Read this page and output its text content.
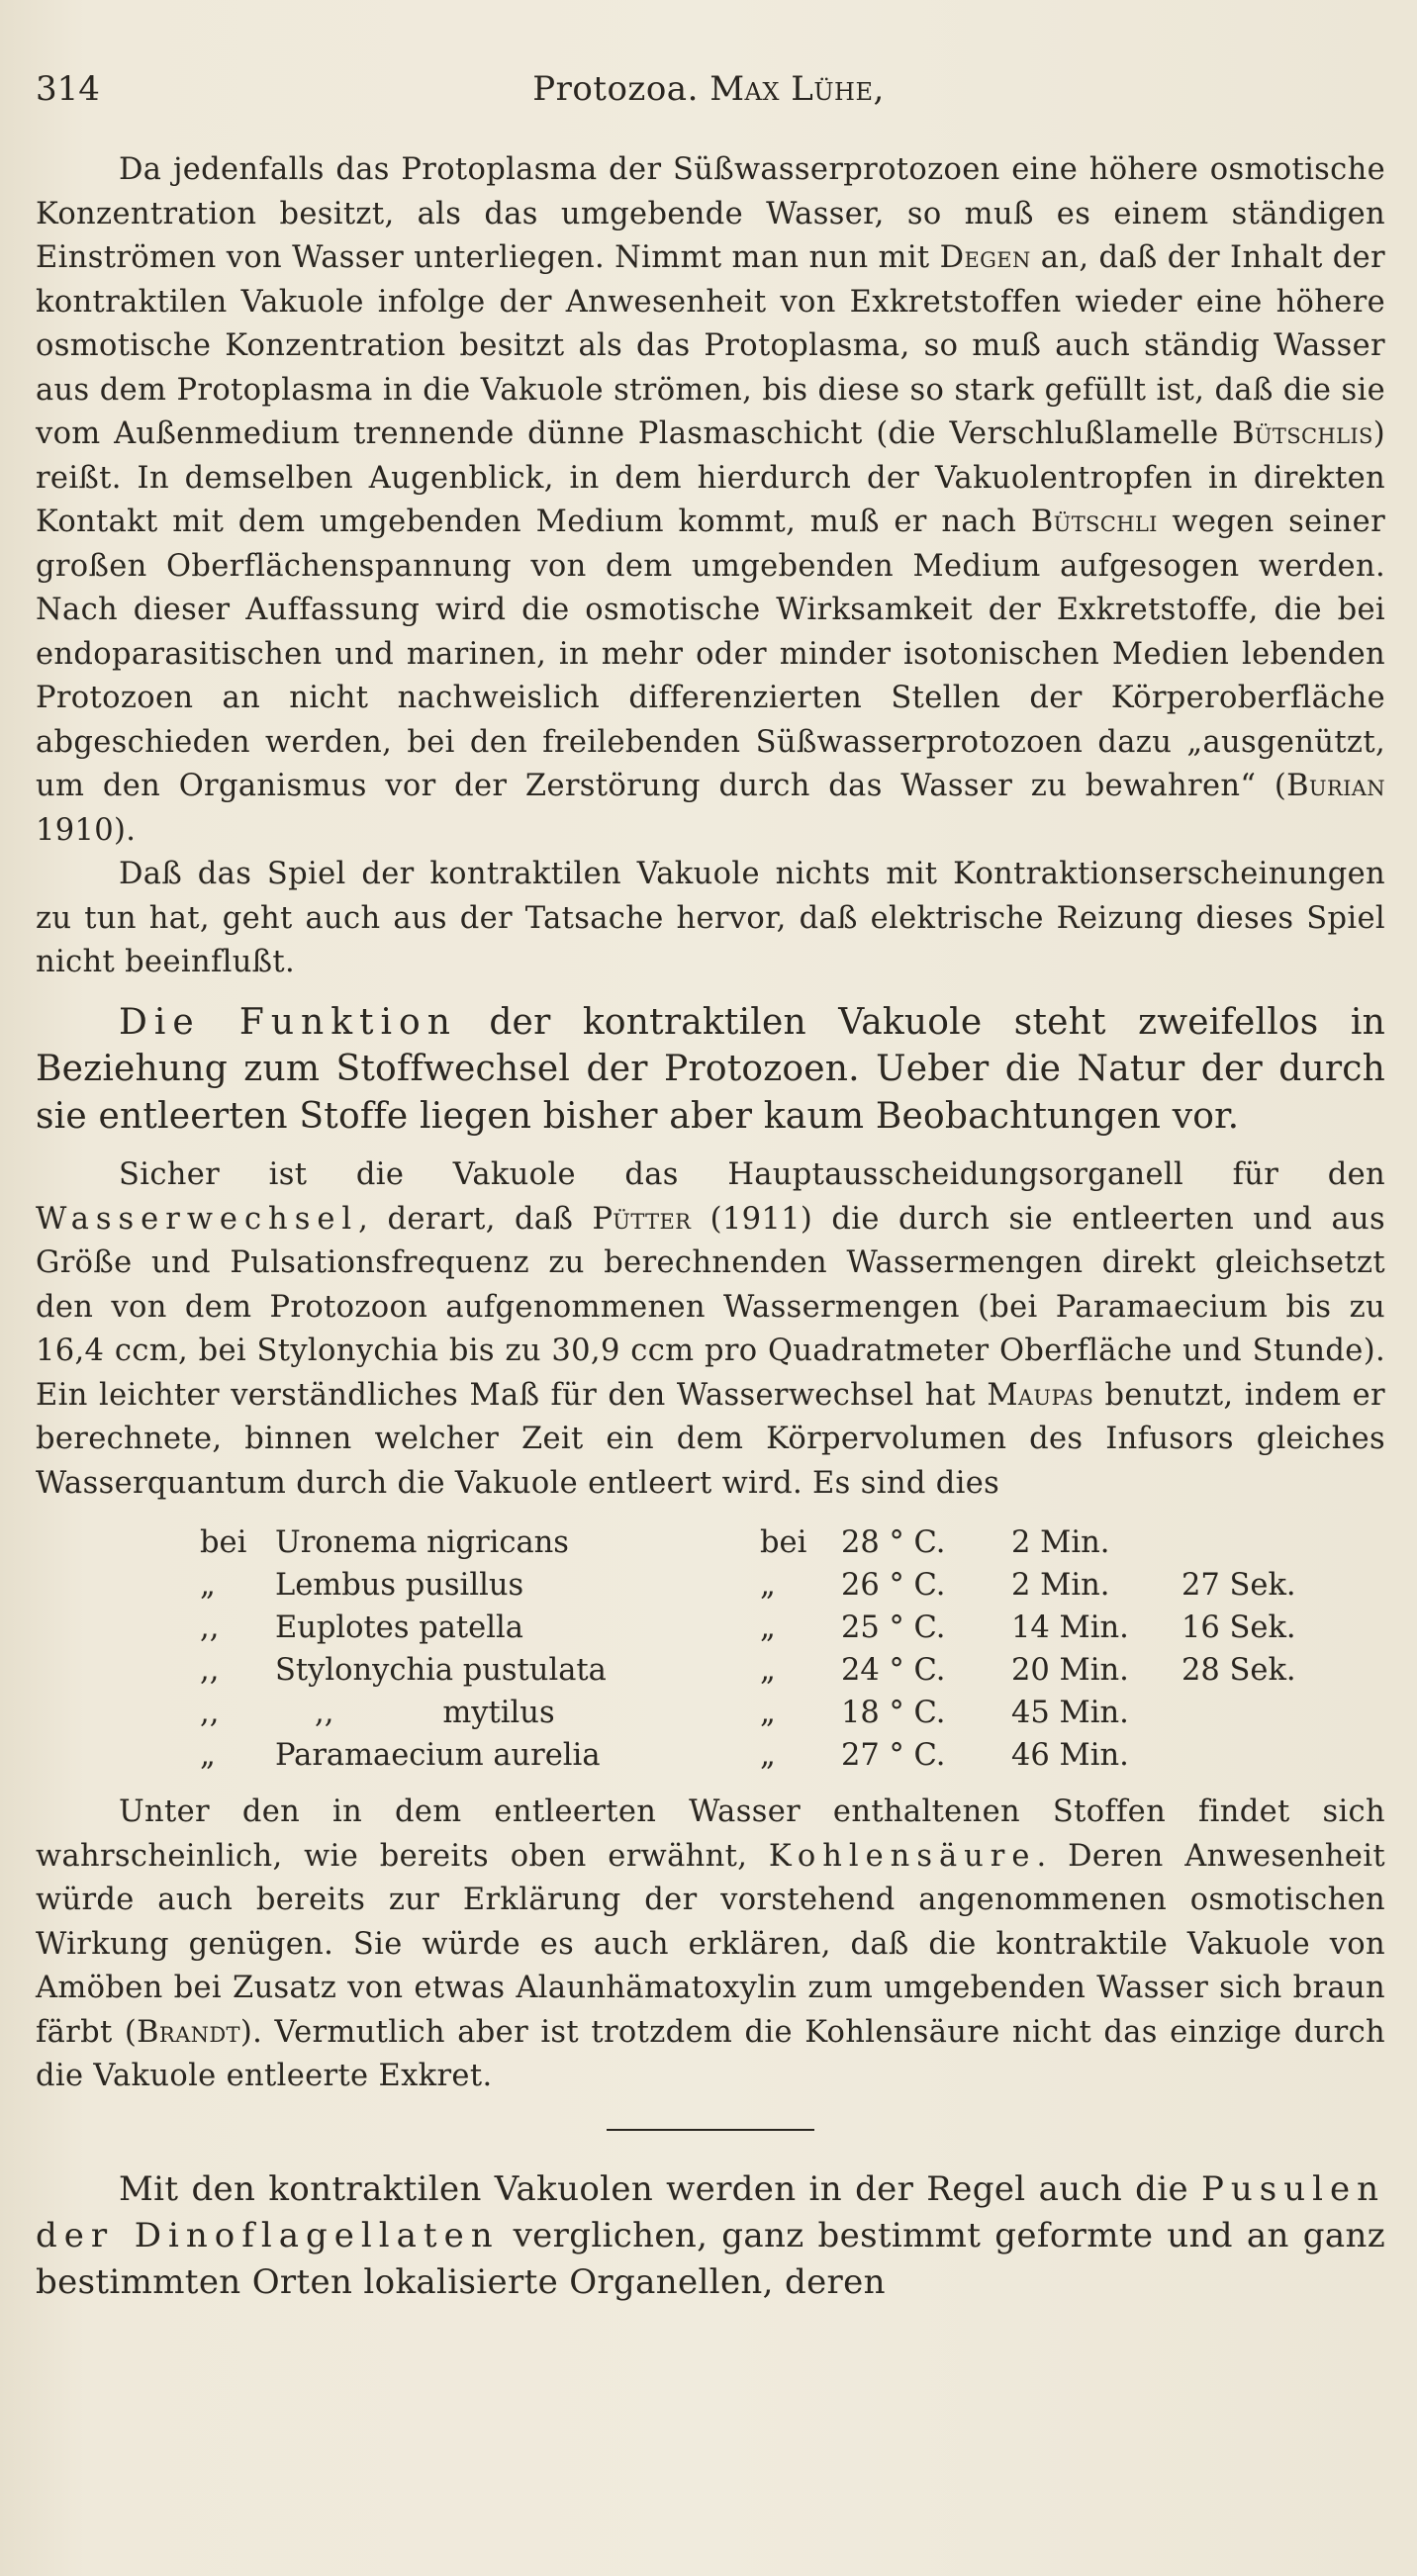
314	Protozoa. Max Lühe,

Da jedenfalls das Protoplasma der Süßwasserprotozoen eine höhere osmotische Konzentration besitzt, als das umgebende Wasser, so muß es einem ständigen Einströmen von Wasser unterliegen. Nimmt man nun mit Degen an, daß der Inhalt der kontraktilen Vakuole infolge der Anwesenheit von Exkretstoffen wieder eine höhere osmotische Konzentration besitzt als das Protoplasma, so muß auch ständig Wasser aus dem Protoplasma in die Vakuole strömen, bis diese so stark gefüllt ist, daß die sie vom Außenmedium trennende dünne Plasmaschicht (die Verschlußlamelle Bütschlis) reißt. In demselben Augenblick, in dem hierdurch der Vakuolentropfen in direkten Kontakt mit dem umgebenden Medium kommt, muß er nach Bütschli wegen seiner großen Oberflächenspannung von dem umgebenden Medium aufgesogen werden. Nach dieser Auffassung wird die osmotische Wirksamkeit der Exkretstoffe, die bei endoparasitischen und marinen, in mehr oder minder isotonischen Medien lebenden Protozoen an nicht nachweislich differenzierten Stellen der Körperoberfläche abgeschieden werden, bei den freilebenden Süßwasserprotozoen dazu „ausgenützt, um den Organismus vor der Zerstörung durch das Wasser zu bewahren“ (Burian 1910).

Daß das Spiel der kontraktilen Vakuole nichts mit Kontraktionserscheinungen zu tun hat, geht auch aus der Tatsache hervor, daß elektrische Reizung dieses Spiel nicht beeinflußt.

Die Funktion der kontraktilen Vakuole steht zweifellos in Beziehung zum Stoffwechsel der Protozoen. Ueber die Natur der durch sie entleerten Stoffe liegen bisher aber kaum Beobachtungen vor.

Sicher ist die Vakuole das Hauptausscheidungsorganell für den Wasserwechsel, derart, daß Pütter (1911) die durch sie entleerten und aus Größe und Pulsationsfrequenz zu berechnenden Wassermengen direkt gleichsetzt den von dem Protozoon aufgenommenen Wassermengen (bei Paramaecium bis zu 16,4 ccm, bei Stylonychia bis zu 30,9 ccm pro Quadratmeter Oberfläche und Stunde). Ein leichter verständliches Maß für den Wasserwechsel hat Maupas benutzt, indem er berechnete, binnen welcher Zeit ein dem Körpervolumen des Infusors gleiches Wasserquantum durch die Vakuole entleert wird. Es sind dies

bei	Uronema nigricans	bei	28 ° C.	2 Min.	
„	Lembus pusillus	„	26 ° C.	2 Min.	27 Sek.
,,	Euplotes patella	„	25 ° C.	14 Min.	16 Sek.
,,	Stylonychia pustulata	„	24 ° C.	20 Min.	28 Sek.
,,	,, mytilus	„	18 ° C.	45 Min.	
„	Paramaecium aurelia	„	27 ° C.	46 Min.	

Unter den in dem entleerten Wasser enthaltenen Stoffen findet sich wahrscheinlich, wie bereits oben erwähnt, Kohlensäure. Deren Anwesenheit würde auch bereits zur Erklärung der vorstehend angenommenen osmotischen Wirkung genügen. Sie würde es auch erklären, daß die kontraktile Vakuole von Amöben bei Zusatz von etwas Alaunhämatoxylin zum umgebenden Wasser sich braun färbt (Brandt). Vermutlich aber ist trotzdem die Kohlensäure nicht das einzige durch die Vakuole entleerte Exkret.

Mit den kontraktilen Vakuolen werden in der Regel auch die Pusulen der Dinoflagellaten verglichen, ganz bestimmt geformte und an ganz bestimmten Orten lokalisierte Organellen, deren
